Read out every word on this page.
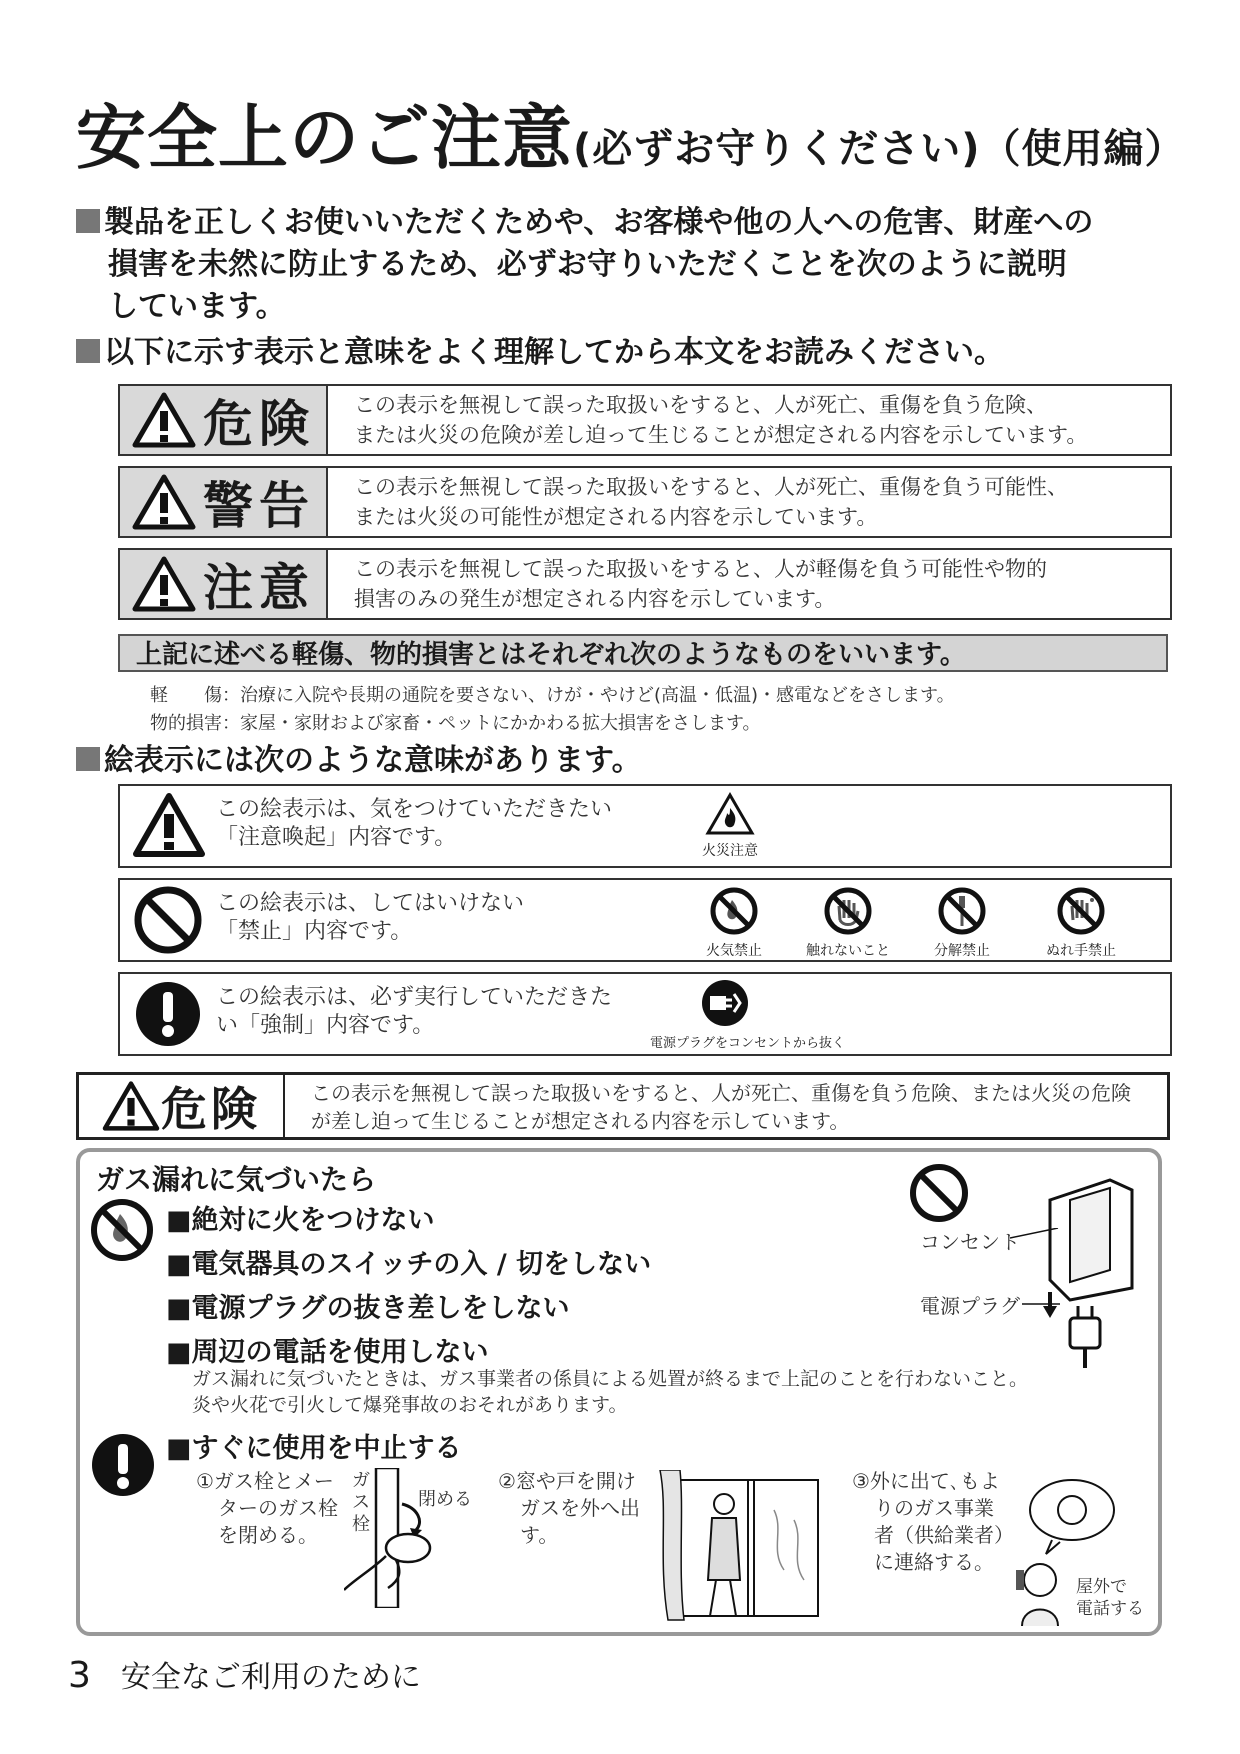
安全上のご注意(必ずお守りください)（使用編）
製品を正しくお使いいただくためや、お客様や他の人への危害、財産への
損害を未然に防止するため、必ずお守りいただくことを次のように説明
しています。
以下に示す表示と意味をよく理解してから本文をお読みください。
危険 この表示を無視して誤った取扱いをすると、人が死亡、重傷を負う危険、
または火災の危険が差し迫って生じることが想定される内容を示しています。
警告 この表示を無視して誤った取扱いをすると、人が死亡、重傷を負う可能性、
または火災の可能性が想定される内容を示しています。
注意 この表示を無視して誤った取扱いをすると、人が軽傷を負う可能性や物的
損害のみの発生が想定される内容を示しています。
上記に述べる軽傷、物的損害とはそれぞれ次のようなものをいいます。
軽　　傷：治療に入院や長期の通院を要さない、けが・やけど(高温・低温)・感電などをさします。
物的損害：家屋・家財および家畜・ペットにかかわる拡大損害をさします。
絵表示には次のような意味があります。
この絵表示は、気をつけていただきたい
「注意喚起」内容です。
火災注意
この絵表示は、してはいけない
「禁止」内容です。
火気禁止	触れないこと	分解禁止	ぬれ手禁止
この絵表示は、必ず実行していただきた
い「強制」内容です。
電源プラグをコンセントから抜く
危険	この表示を無視して誤った取扱いをすると、人が死亡、重傷を負う危険、または火災の危険
が差し迫って生じることが想定される内容を示しています。
ガス漏れに気づいたら
■絶対に火をつけない
■電気器具のスイッチの入 / 切をしない
■電源プラグの抜き差しをしない
■周辺の電話を使用しない
ガス漏れに気づいたときは、ガス事業者の係員による処置が終るまで上記のことを行わないこと。
炎や火花で引火して爆発事故のおそれがあります。
コンセント
電源プラグ
■すぐに使用を中止する
①ガス栓とメー
ターのガス栓
を閉める。
ガス栓
閉める
②窓や戸を開け
ガスを外へ出
す。
③外に出て､もよ
りのガス事業
者（供給業者）
に連絡する。
屋外で
電話する
3 安全なご利用のために
